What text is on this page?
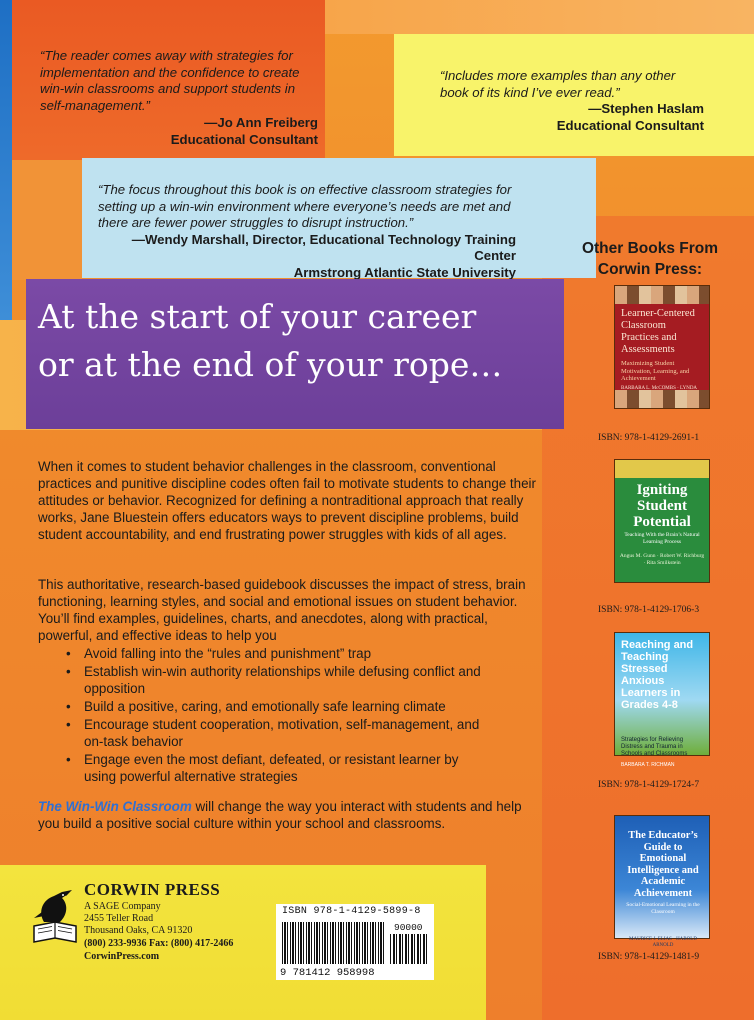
“The reader comes away with strategies for implementation and the confidence to create win-win classrooms and support students in self-management.”
—Jo Ann Freiberg
Educational Consultant
“Includes more examples than any other book of its kind I’ve ever read.”
—Stephen Haslam
Educational Consultant
“The focus throughout this book is on effective classroom strategies for setting up a win-win environment where everyone’s needs are met and there are fewer power struggles to disrupt instruction.”
—Wendy Marshall, Director, Educational Technology Training Center
Armstrong Atlantic State University
At the start of your career
or at the end of your rope…
When it comes to student behavior challenges in the classroom, conventional practices and punitive discipline codes often fail to motivate students to change their attitudes or behavior. Recognized for defining a nontraditional approach that really works, Jane Bluestein offers educators ways to prevent discipline problems, build student accountability, and end frustrating power struggles with kids of all ages.
This authoritative, research-based guidebook discusses the impact of stress, brain functioning, learning styles, and social and emotional issues on student behavior. You’ll find examples, guidelines, charts, and anecdotes, along with practical, powerful, and effective ideas to help you
• Avoid falling into the “rules and punishment” trap
• Establish win-win authority relationships while defusing conflict and opposition
• Build a positive, caring, and emotionally safe learning climate
• Encourage student cooperation, motivation, self-management, and on-task behavior
• Engage even the most defiant, defeated, or resistant learner by using powerful alternative strategies
The Win-Win Classroom will change the way you interact with students and help you build a positive social culture within your school and classrooms.
Other Books From
Corwin Press:
Learner-Centered Classroom Practices and Assessments
Maximizing Student Motivation, Learning, and Achievement
BARBARA L. McCOMBS · LYNDA
ISBN: 978-1-4129-2691-1
Igniting Student Potential
Teaching With the Brain’s Natural Learning Process
Angus M. Gunn · Robert W. Richburg · Rita Smilkstein
ISBN: 978-1-4129-1706-3
Reaching and Teaching Stressed Anxious Learners in Grades 4-8
Strategies for Relieving Distress and Trauma in Schools and Classrooms
BARBARA T. RICHMAN
ISBN: 978-1-4129-1724-7
The Educator’s Guide to Emotional Intelligence and Academic Achievement
Social-Emotional Learning in the Classroom
MAURICE J. ELIAS · HAROLD ARNOLD
ISBN: 978-1-4129-1481-9
CORWIN PRESS
A SAGE Company
2455 Teller Road
Thousand Oaks, CA 91320
(800) 233-9936 Fax: (800) 417-2466
CorwinPress.com
ISBN 978-1-4129-5899-8
90000
9 781412 958998
